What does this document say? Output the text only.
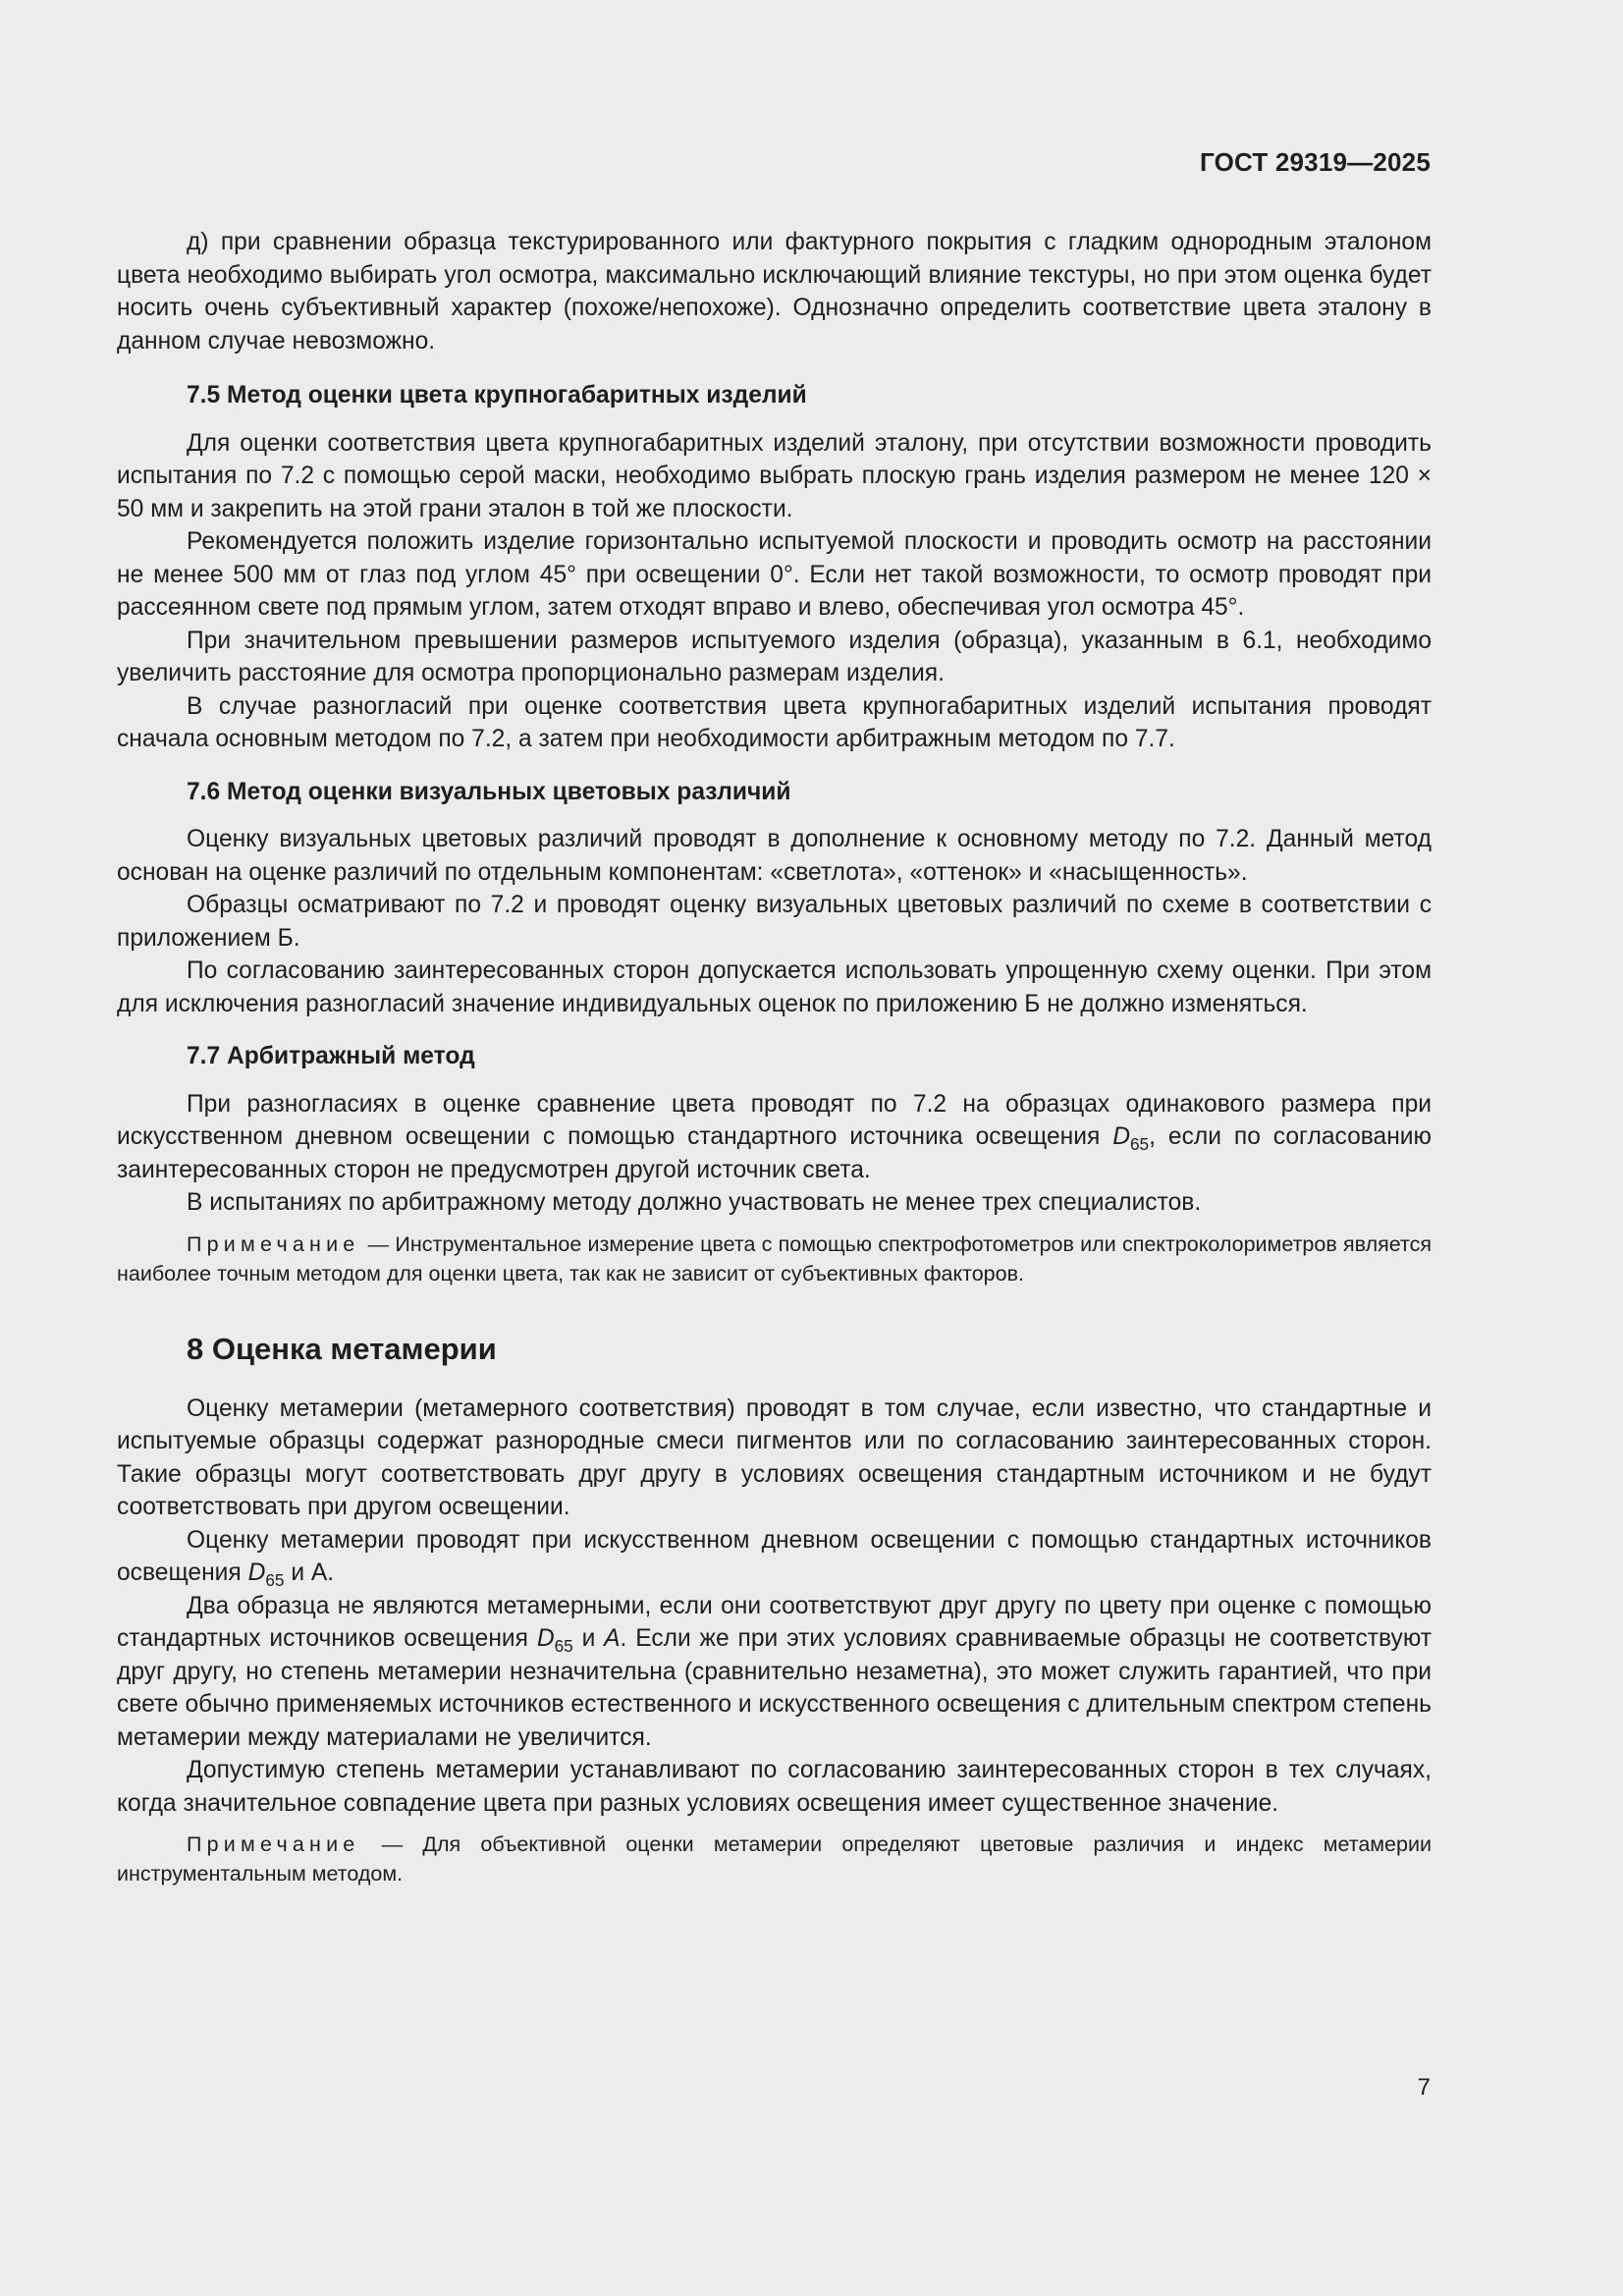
ГОСТ 29319—2025

д) при сравнении образца текстурированного или фактурного покрытия с гладким однородным эталоном цвета необходимо выбирать угол осмотра, максимально исключающий влияние текстуры, но при этом оценка будет носить очень субъективный характер (похоже/непохоже). Однозначно определить соответствие цвета эталону в данном случае невозможно.

7.5 Метод оценки цвета крупногабаритных изделий

Для оценки соответствия цвета крупногабаритных изделий эталону, при отсутствии возможности проводить испытания по 7.2 с помощью серой маски, необходимо выбрать плоскую грань изделия размером не менее 120 × 50 мм и закрепить на этой грани эталон в той же плоскости.

Рекомендуется положить изделие горизонтально испытуемой плоскости и проводить осмотр на расстоянии не менее 500 мм от глаз под углом 45° при освещении 0°. Если нет такой возможности, то осмотр проводят при рассеянном свете под прямым углом, затем отходят вправо и влево, обеспечивая угол осмотра 45°.

При значительном превышении размеров испытуемого изделия (образца), указанным в 6.1, необходимо увеличить расстояние для осмотра пропорционально размерам изделия.

В случае разногласий при оценке соответствия цвета крупногабаритных изделий испытания проводят сначала основным методом по 7.2, а затем при необходимости арбитражным методом по 7.7.

7.6 Метод оценки визуальных цветовых различий

Оценку визуальных цветовых различий проводят в дополнение к основному методу по 7.2. Данный метод основан на оценке различий по отдельным компонентам: «светлота», «оттенок» и «насыщенность».

Образцы осматривают по 7.2 и проводят оценку визуальных цветовых различий по схеме в соответствии с приложением Б.

По согласованию заинтересованных сторон допускается использовать упрощенную схему оценки. При этом для исключения разногласий значение индивидуальных оценок по приложению Б не должно изменяться.

7.7 Арбитражный метод

При разногласиях в оценке сравнение цвета проводят по 7.2 на образцах одинакового размера при искусственном дневном освещении с помощью стандартного источника освещения $D_{65}$, если по согласованию заинтересованных сторон не предусмотрен другой источник света.

В испытаниях по арбитражному методу должно участвовать не менее трех специалистов.

Примечание — Инструментальное измерение цвета с помощью спектрофотометров или спектроколориметров является наиболее точным методом для оценки цвета, так как не зависит от субъективных факторов.

8 Оценка метамерии

Оценку метамерии (метамерного соответствия) проводят в том случае, если известно, что стандартные и испытуемые образцы содержат разнородные смеси пигментов или по согласованию заинтересованных сторон. Такие образцы могут соответствовать друг другу в условиях освещения стандартным источником и не будут соответствовать при другом освещении.

Оценку метамерии проводят при искусственном дневном освещении с помощью стандартных источников освещения $D_{65}$ и А.

Два образца не являются метамерными, если они соответствуют друг другу по цвету при оценке с помощью стандартных источников освещения $D_{65}$ и А. Если же при этих условиях сравниваемые образцы не соответствуют друг другу, но степень метамерии незначительна (сравнительно незаметна), это может служить гарантией, что при свете обычно применяемых источников естественного и искусственного освещения с длительным спектром степень метамерии между материалами не увеличится.

Допустимую степень метамерии устанавливают по согласованию заинтересованных сторон в тех случаях, когда значительное совпадение цвета при разных условиях освещения имеет существенное значение.

Примечание — Для объективной оценки метамерии определяют цветовые различия и индекс метамерии инструментальным методом.

7
